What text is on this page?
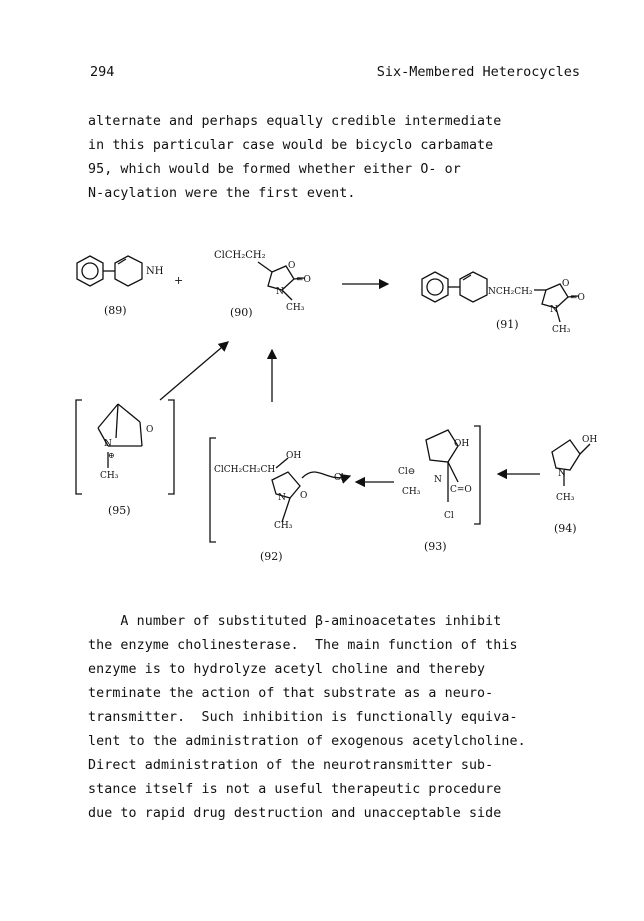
294	Six-Membered Heterocycles
alternate and perhaps equally credible intermediate
in this particular case would be bicyclo carbamate
95, which would be formed whether either O- or
N-acylation were the first event.
NH
+
(89)
ClCH₂CH₂
O
=O
N
CH₃
(90)
NCH₂CH₂
O
=O
N
CH₃
(91)
O
N
⊕
CH₃
(95)
OH
ClCH₂CH₂CH
N O
Cl
CH₃
(92)
OH
Cl⊖
N
CH₃	C=O
Cl
(93)
OH
N
CH₃
(94)
A number of substituted β-aminoacetates inhibit
the enzyme cholinesterase.  The main function of this
enzyme is to hydrolyze acetyl choline and thereby
terminate the action of that substrate as a neuro-
transmitter.  Such inhibition is functionally equiva-
lent to the administration of exogenous acetylcholine.
Direct administration of the neurotransmitter sub-
stance itself is not a useful therapeutic procedure
due to rapid drug destruction and unacceptable side
